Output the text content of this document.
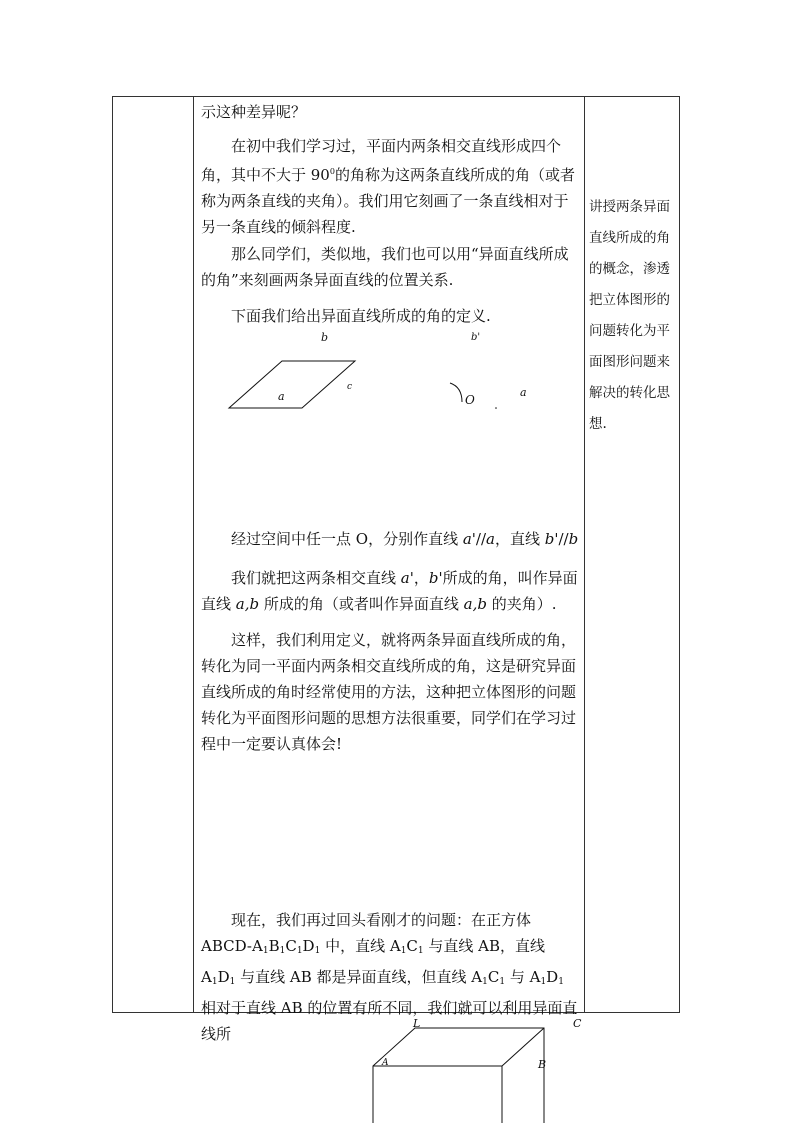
示这种差异呢？

在初中我们学习过，平面内两条相交直线形成四个角，其中不大于 $90^0$的角称为这两条直线所成的角（或者称为两条直线的夹角）。我们用它刻画了一条直线相对于另一条直线的倾斜程度.

那么同学们，类似地，我们也可以用“异面直线所成的角”来刻画两条异面直线的位置关系.

下面我们给出异面直线所成的角的定义.

经过空间中任一点 O，分别作直线 a'//a，直线 b'//b

我们就把这两条相交直线 a'，b'所成的角，叫作异面直线 a,b 所成的角（或者叫作异面直线 a,b 的夹角）.

这样，我们利用定义，就将两条异面直线所成的角，转化为同一平面内两条相交直线所成的角，这是研究异面直线所成的角时经常使用的方法，这种把立体图形的问题转化为平面图形问题的思想方法很重要，同学们在学习过程中一定要认真体会!

现在，我们再过回头看刚才的问题：在正方体 ABCD-$A_1B_1C_1D_1$ 中，直线 $A_1C_1$ 与直线 AB，直线 $A_1D_1$ 与直线 AB 都是异面直线，但直线 $A_1C_1$ 与 $A_1D_1$ 相对于直线 AB 的位置有所不同，我们就可以利用异面直线所

讲授两条异面直线所成的角的概念，渗透把立体图形的问题转化为平面图形问题来解决的转化思想.

b
a
c
b'
O
a
L	C
A	B
